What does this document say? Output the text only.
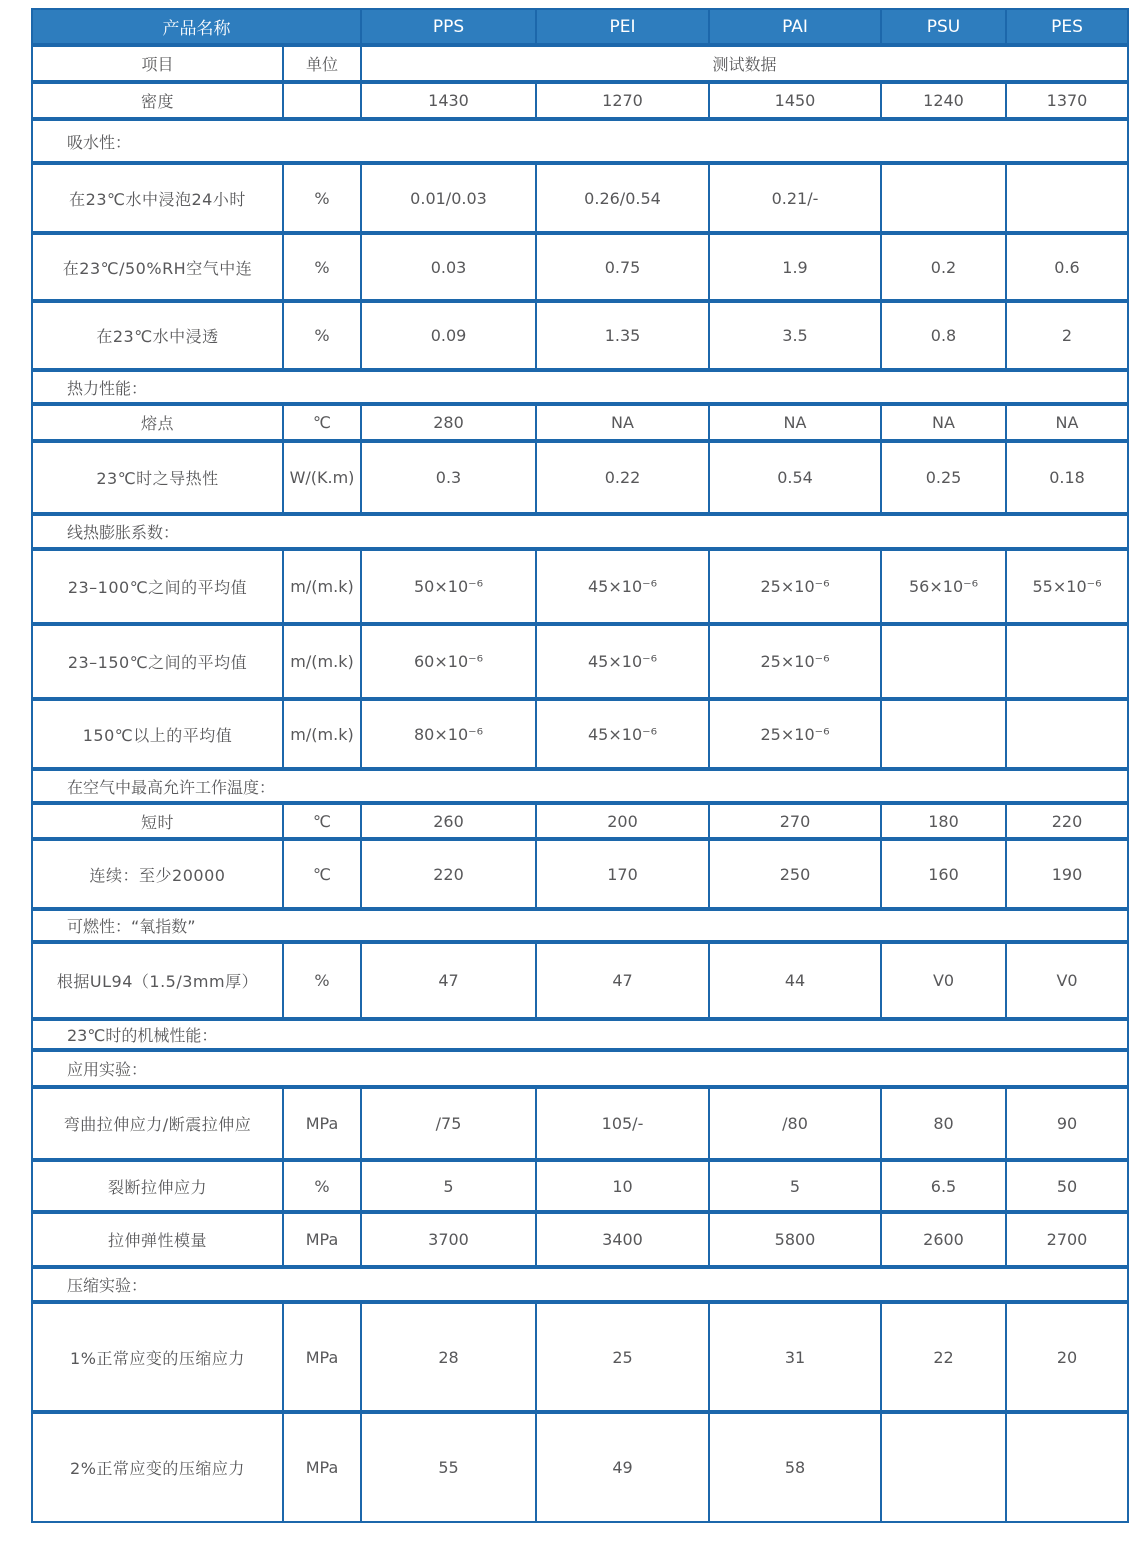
产品名称		PPS	PEI	PAI	PSU	PES
项目	单位	测试数据				
密度		1430	1270	1450	1240	1370
吸水性：						
在23℃水中浸泡24小时	%	0.01/0.03	0.26/0.54	0.21/-		
在23℃/50%RH空气中连	%	0.03	0.75	1.9	0.2	0.6
在23℃水中浸透	%	0.09	1.35	3.5	0.8	2
热力性能：						
熔点	℃	280	NA	NA	NA	NA
23℃时之导热性	W/(K.m)	0.3	0.22	0.54	0.25	0.18
线热膨胀系数：						
23–100℃之间的平均值	m/(m.k)	50×10⁻⁶	45×10⁻⁶	25×10⁻⁶	56×10⁻⁶	55×10⁻⁶
23–150℃之间的平均值	m/(m.k)	60×10⁻⁶	45×10⁻⁶	25×10⁻⁶		
150℃以上的平均值	m/(m.k)	80×10⁻⁶	45×10⁻⁶	25×10⁻⁶		
在空气中最高允许工作温度：						
短时	℃	260	200	270	180	220
连续：至少20000	℃	220	170	250	160	190
可燃性：“氧指数”						
根据UL94（1.5/3mm厚）	%	47	47	44	V0	V0
23℃时的机械性能：						
应用实验：						
弯曲拉伸应力/断震拉伸应	MPa	/75	105/-	/80	80	90
裂断拉伸应力	%	5	10	5	6.5	50
拉伸弹性模量	MPa	3700	3400	5800	2600	2700
压缩实验：						
1%正常应变的压缩应力	MPa	28	25	31	22	20
2%正常应变的压缩应力	MPa	55	49	58		
